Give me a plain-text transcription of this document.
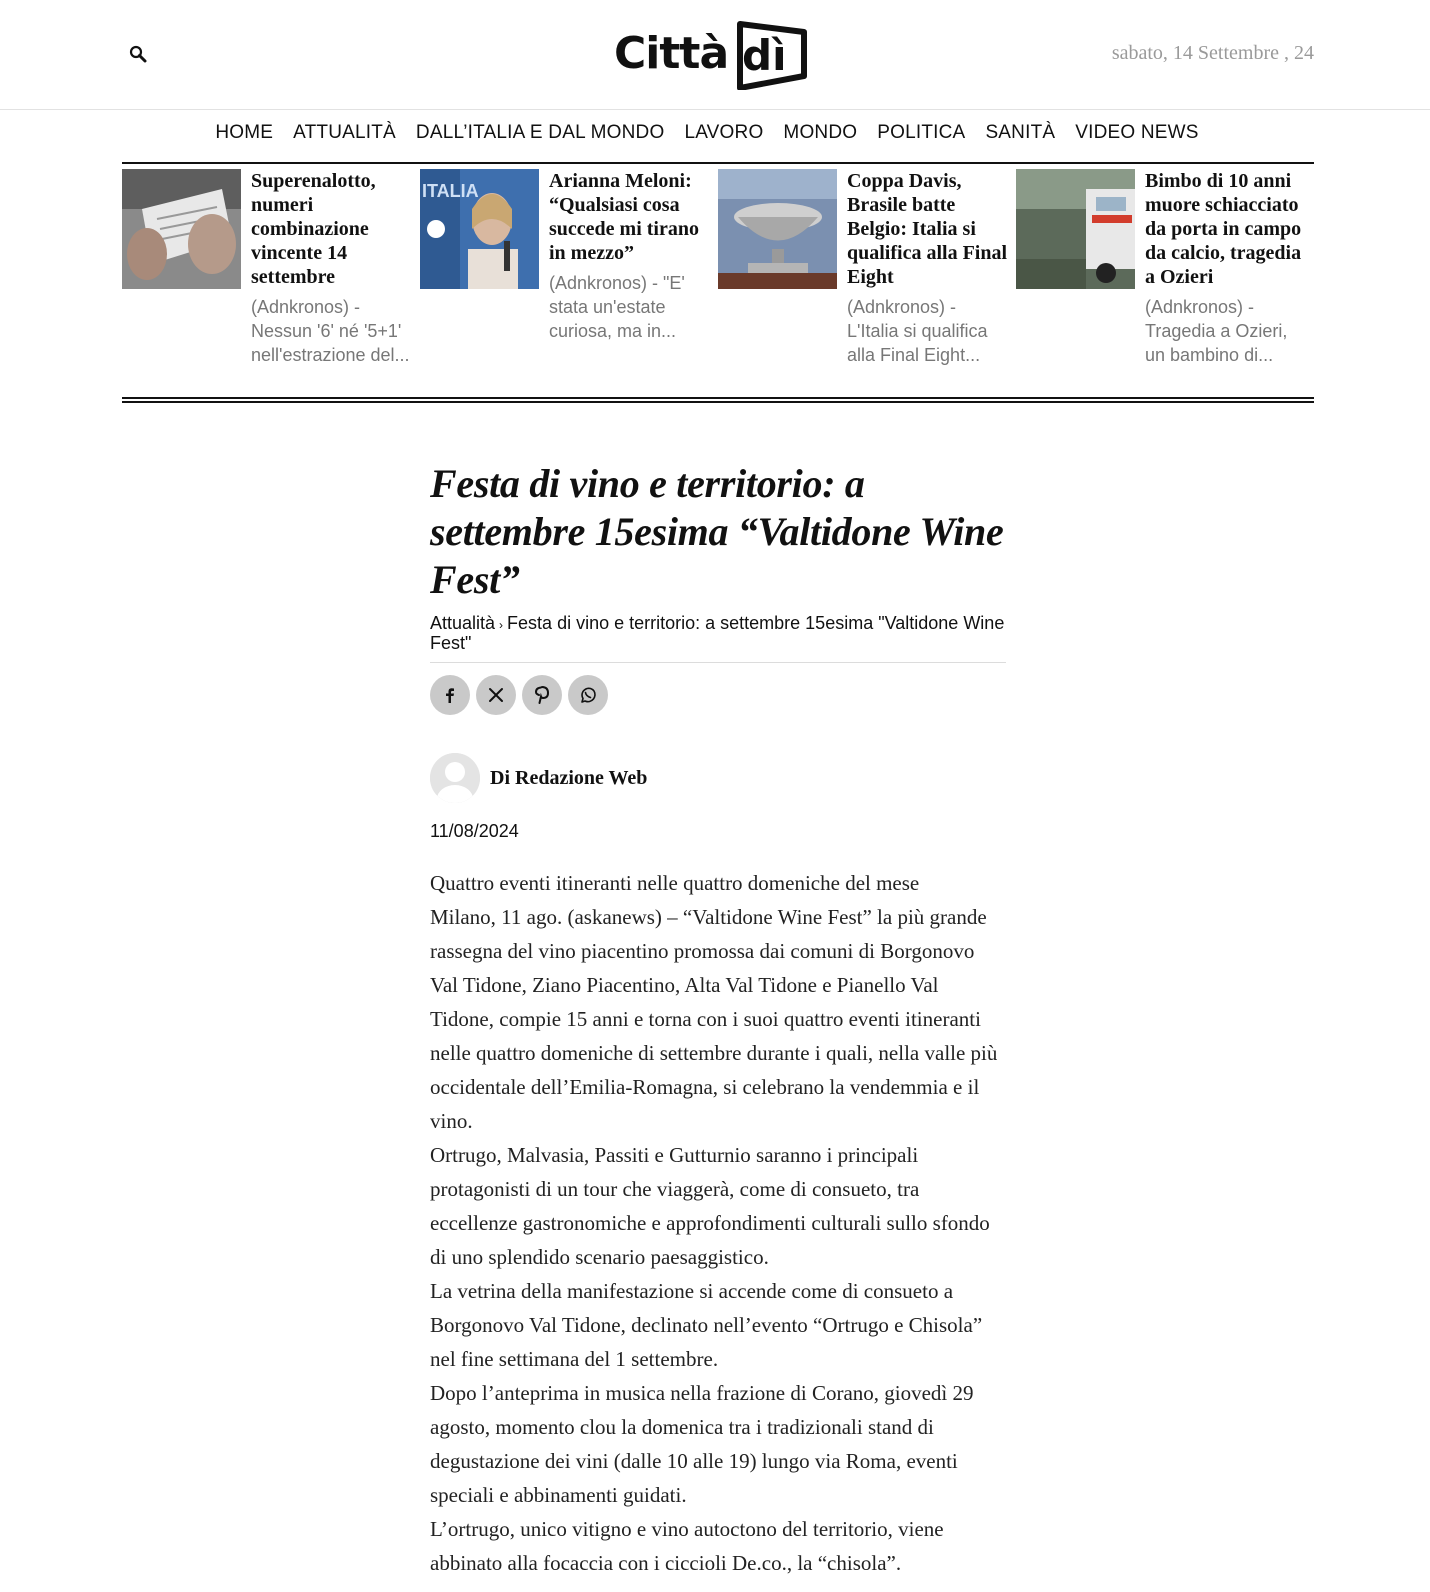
Città dì	sabato, 14 Settembre , 24
HOME ATTUALITÀ DALL’ITALIA E DAL MONDO LAVORO MONDO POLITICA SANITÀ VIDEO NEWS
Superenalotto, numeri combinazione vincente 14 settembre
(Adnkronos) - Nessun '6' né '5+1' nell'estrazione del...
ITALIA	Arianna Meloni: “Qualsiasi cosa succede mi tirano in mezzo”
(Adnkronos) - "E' stata un'estate curiosa, ma in...
Coppa Davis, Brasile batte Belgio: Italia si qualifica alla Final Eight
(Adnkronos) - L'Italia si qualifica alla Final Eight...
Bimbo di 10 anni muore schiacciato da porta in campo da calcio, tragedia a Ozieri
(Adnkronos) - Tragedia a Ozieri, un bambino di...
Festa di vino e territorio: a settembre 15esima “Valtidone Wine Fest”
Attualità › Festa di vino e territorio: a settembre 15esima "Valtidone Wine Fest"
Di Redazione Web
11/08/2024

Quattro eventi itineranti nelle quattro domeniche del mese

Milano, 11 ago. (askanews) – “Valtidone Wine Fest” la più grande rassegna del vino piacentino promossa dai comuni di Borgonovo Val Tidone, Ziano Piacentino, Alta Val Tidone e Pianello Val Tidone, compie 15 anni e torna con i suoi quattro eventi itineranti nelle quattro domeniche di settembre durante i quali, nella valle più occidentale dell’Emilia-Romagna, si celebrano la vendemmia e il vino.

Ortrugo, Malvasia, Passiti e Gutturnio saranno i principali protagonisti di un tour che viaggerà, come di consueto, tra eccellenze gastronomiche e approfondimenti culturali sullo sfondo di uno splendido scenario paesaggistico.

La vetrina della manifestazione si accende come di consueto a Borgonovo Val Tidone, declinato nell’evento “Ortrugo e Chisola” nel fine settimana del 1 settembre.

Dopo l’anteprima in musica nella frazione di Corano, giovedì 29 agosto, momento clou la domenica tra i tradizionali stand di degustazione dei vini (dalle 10 alle 19) lungo via Roma, eventi speciali e abbinamenti guidati.

L’ortrugo, unico vitigno e vino autoctono del territorio, viene abbinato alla focaccia con i ciccioli De.co., la “chisola”.
